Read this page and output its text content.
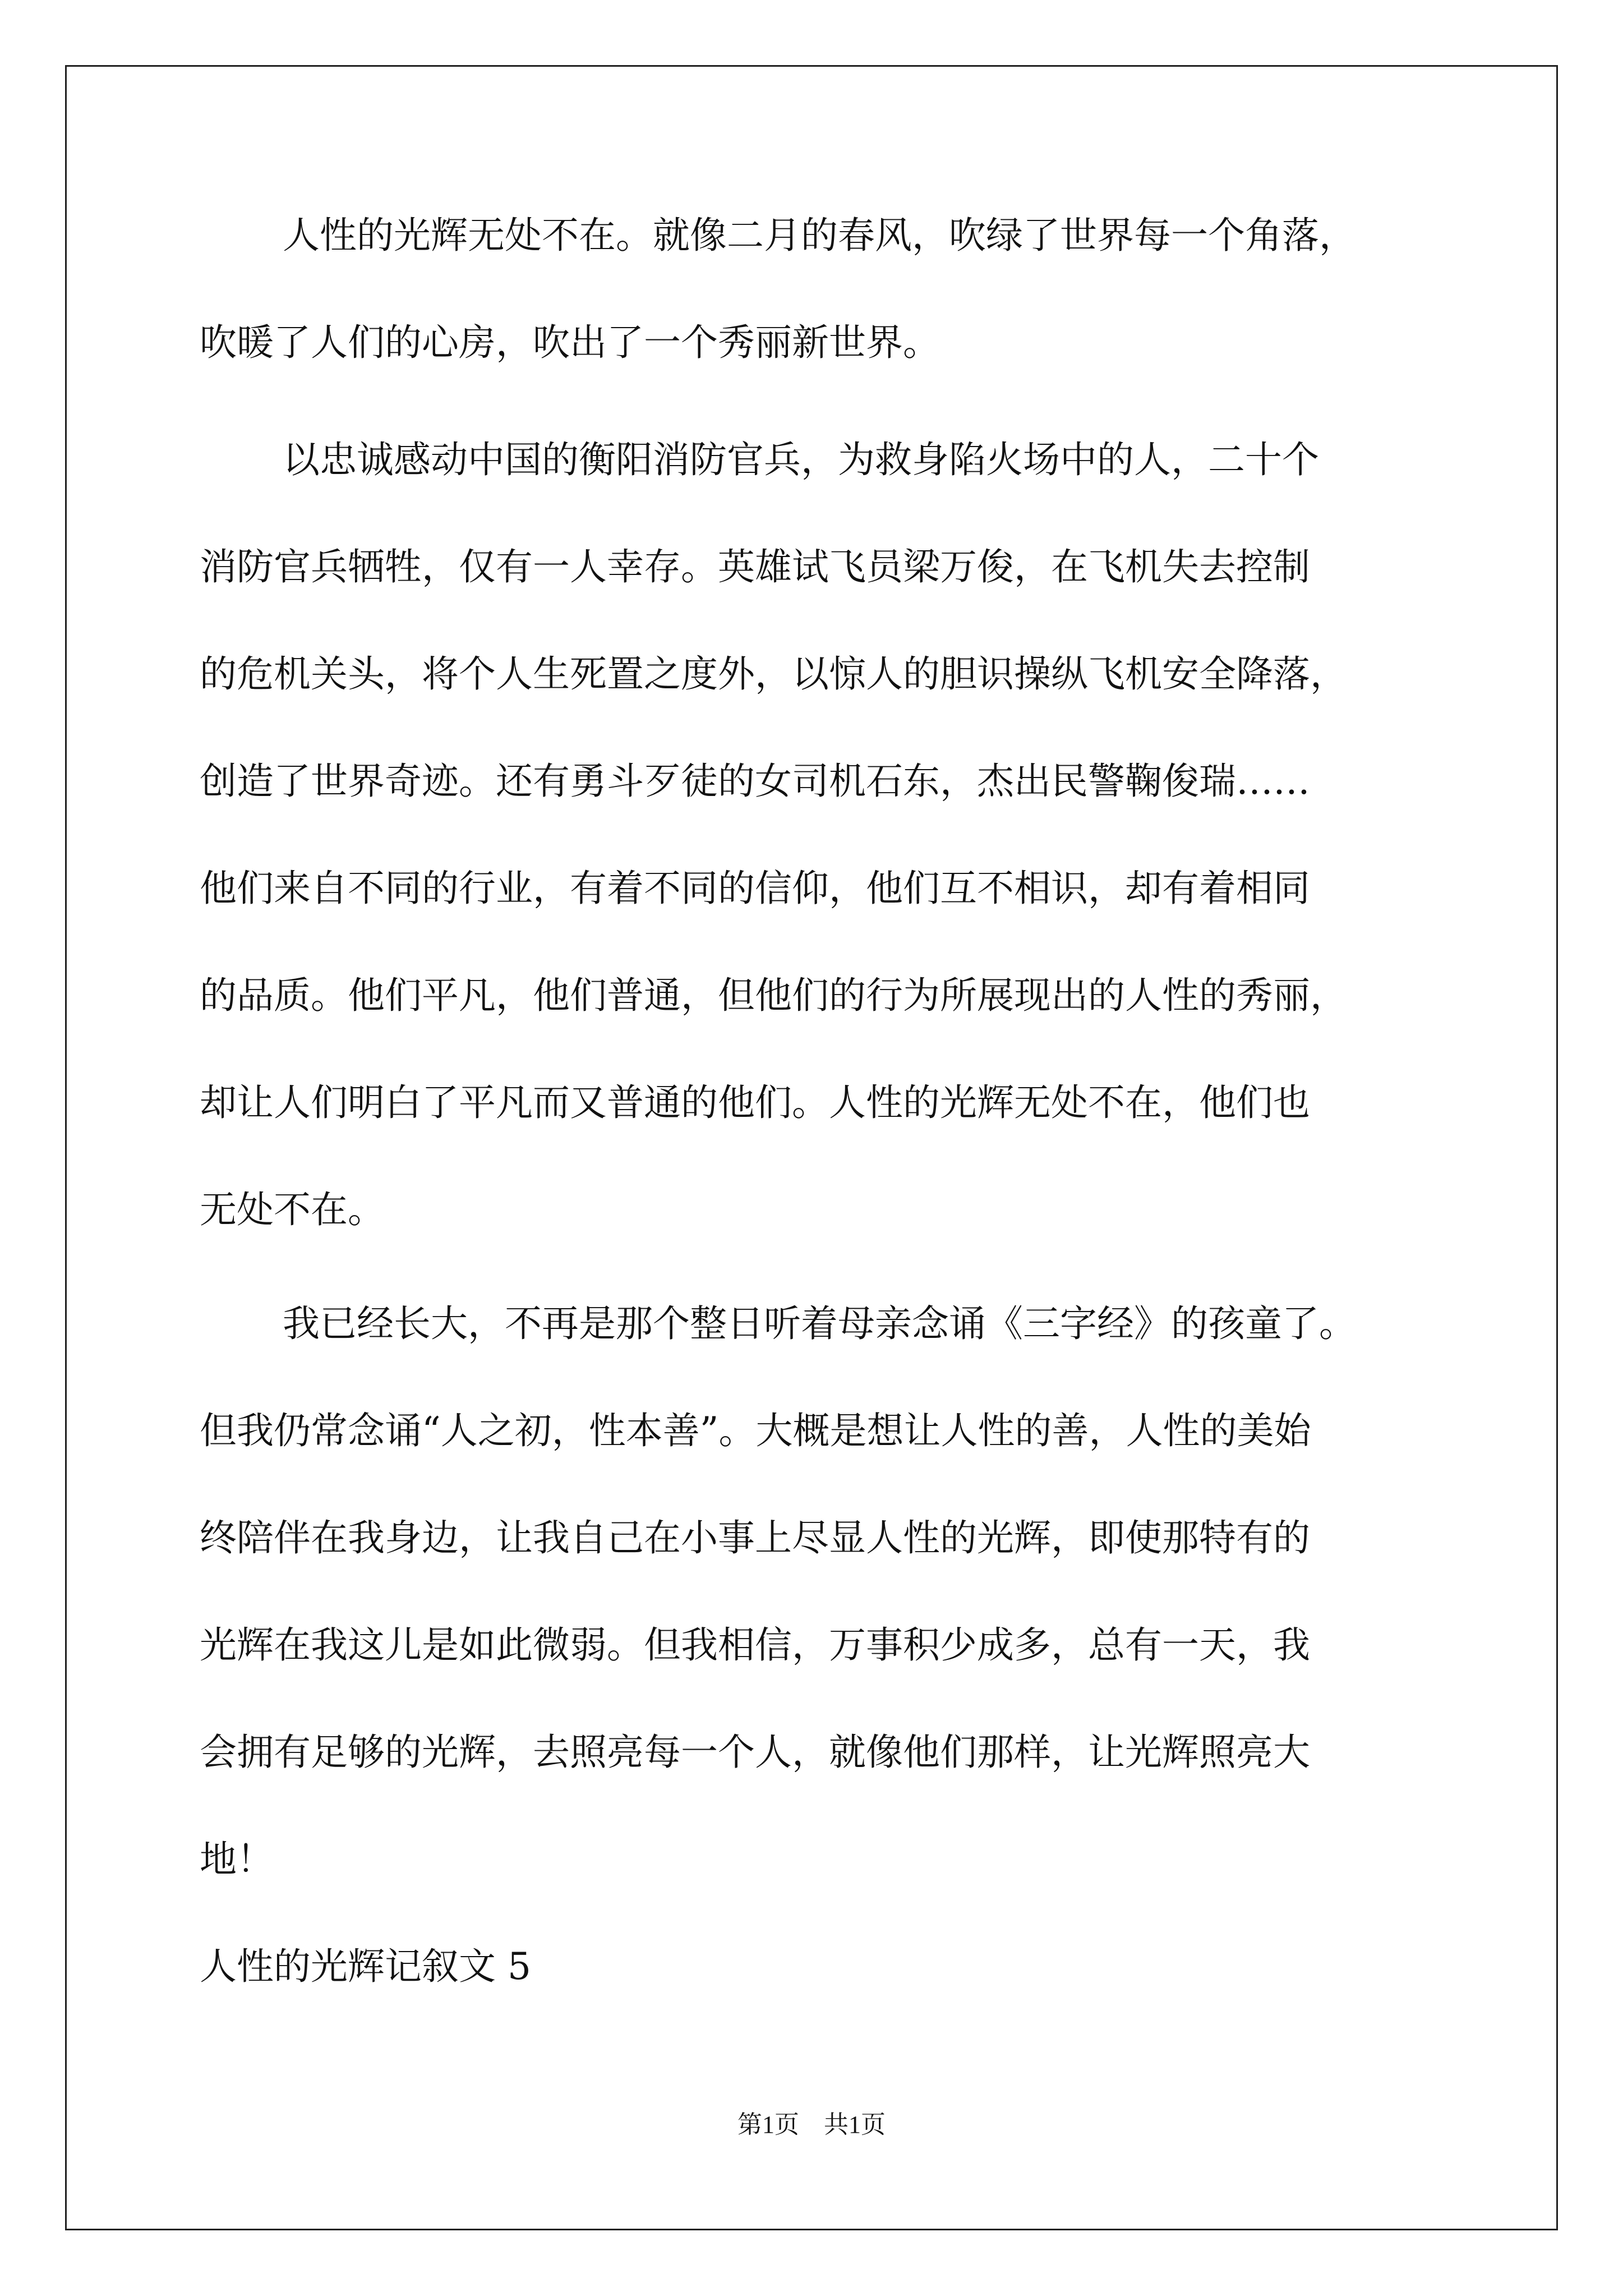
人性的光辉无处不在。就像二月的春风，吹绿了世界每一个角落，
吹暖了人们的心房，吹出了一个秀丽新世界。
以忠诚感动中国的衡阳消防官兵，为救身陷火场中的人，二十个
消防官兵牺牲，仅有一人幸存。英雄试飞员梁万俊，在飞机失去控制
的危机关头，将个人生死置之度外，以惊人的胆识操纵飞机安全降落，
创造了世界奇迹。还有勇斗歹徒的女司机石东，杰出民警鞠俊瑞……
他们来自不同的行业，有着不同的信仰，他们互不相识，却有着相同
的品质。他们平凡，他们普通，但他们的行为所展现出的人性的秀丽，
却让人们明白了平凡而又普通的他们。人性的光辉无处不在，他们也
无处不在。
我已经长大，不再是那个整日听着母亲念诵《三字经》的孩童了。
但我仍常念诵“人之初，性本善”。大概是想让人性的善，人性的美始
终陪伴在我身边，让我自己在小事上尽显人性的光辉，即使那特有的
光辉在我这儿是如此微弱。但我相信，万事积少成多，总有一天，我
会拥有足够的光辉，去照亮每一个人，就像他们那样，让光辉照亮大
地！
人性的光辉记叙文 5
第1页　共1页
